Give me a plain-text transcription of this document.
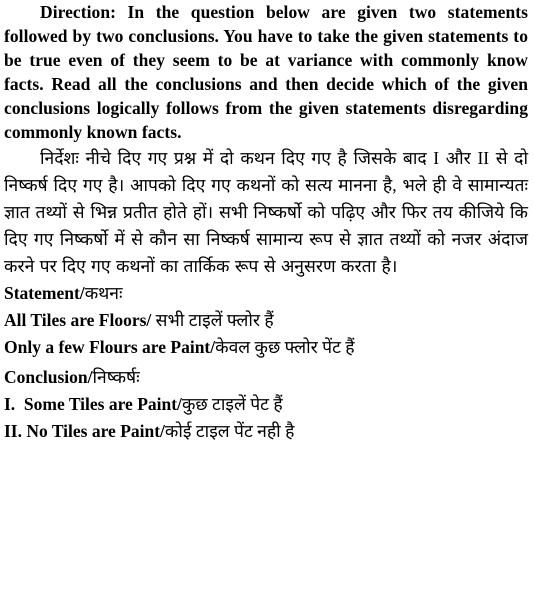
Direction: In the question below are given two statements followed by two conclusions. You have to take the given statements to be true even of they seem to be at variance with commonly know facts. Read all the conclusions and then decide which of the given conclusions logically follows from the given statements disregarding commonly known facts.

निर्देशः नीचे दिए गए प्रश्न में दो कथन दिए गए है जिसके बाद I और II से दो निष्कर्ष दिए गए है। आपको दिए गए कथनों को सत्य मानना है, भले ही वे सामान्यतः ज्ञात तथ्यों से भिन्न प्रतीत होते हों। सभी निष्कर्षो को पढ़िए और फिर तय कीजिये कि दिए गए निष्कर्षो में से कौन सा निष्कर्ष सामान्य रूप से ज्ञात तथ्यों को नजर अंदाज करने पर दिए गए कथनों का तार्किक रूप से अनुसरण करता है।

Statement/कथनः

All Tiles are Floors/ सभी टाइलें फ्लोर हैं

Only a few Flours are Paint/केवल कुछ फ्लोर पेंट हैं

Conclusion/निष्कर्षः

I.  Some Tiles are Paint/कुछ टाइलें पेट हैं

II. No Tiles are Paint/कोई टाइल पेंट नही है
